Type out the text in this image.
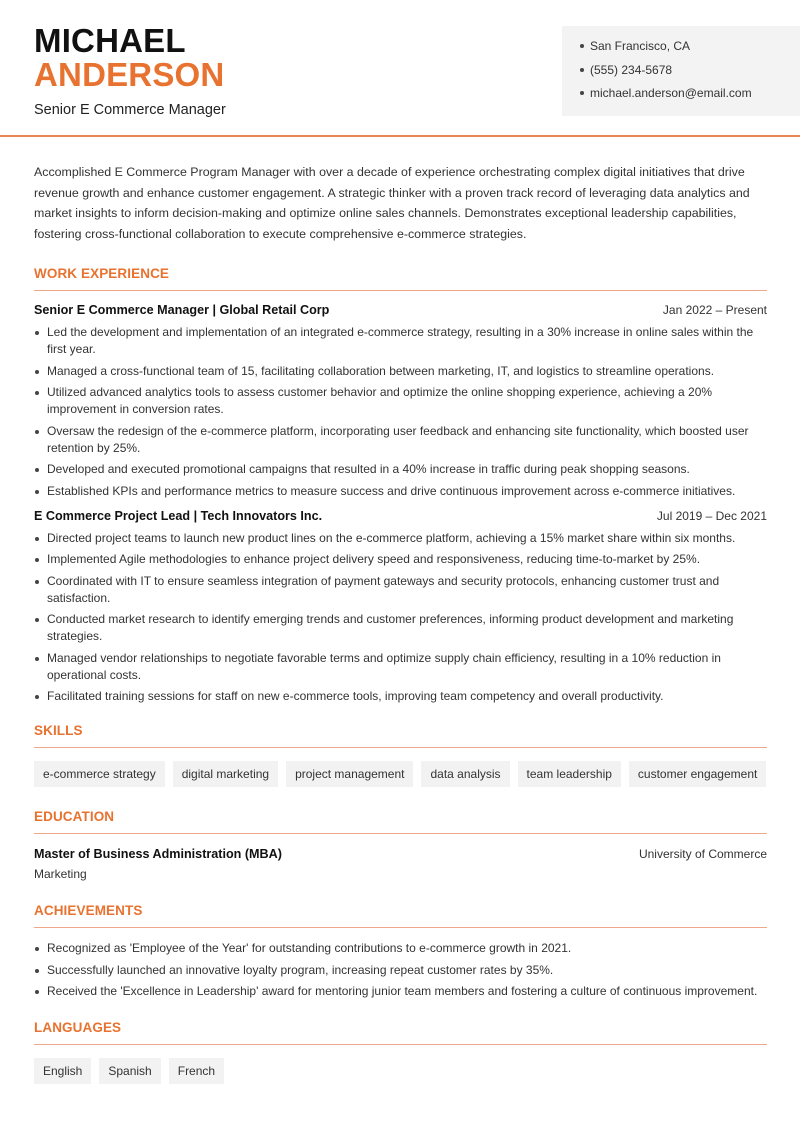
MICHAEL
ANDERSON
Senior E Commerce Manager
San Francisco, CA
(555) 234-5678
michael.anderson@email.com

Accomplished E Commerce Program Manager with over a decade of experience orchestrating complex digital initiatives that drive revenue growth and enhance customer engagement. A strategic thinker with a proven track record of leveraging data analytics and market insights to inform decision-making and optimize online sales channels. Demonstrates exceptional leadership capabilities, fostering cross-functional collaboration to execute comprehensive e-commerce strategies.

WORK EXPERIENCE
Senior E Commerce Manager | Global Retail Corp	Jan 2022 – Present
Led the development and implementation of an integrated e-commerce strategy, resulting in a 30% increase in online sales within the first year.
Managed a cross-functional team of 15, facilitating collaboration between marketing, IT, and logistics to streamline operations.
Utilized advanced analytics tools to assess customer behavior and optimize the online shopping experience, achieving a 20% improvement in conversion rates.
Oversaw the redesign of the e-commerce platform, incorporating user feedback and enhancing site functionality, which boosted user retention by 25%.
Developed and executed promotional campaigns that resulted in a 40% increase in traffic during peak shopping seasons.
Established KPIs and performance metrics to measure success and drive continuous improvement across e-commerce initiatives.
E Commerce Project Lead | Tech Innovators Inc.	Jul 2019 – Dec 2021
Directed project teams to launch new product lines on the e-commerce platform, achieving a 15% market share within six months.
Implemented Agile methodologies to enhance project delivery speed and responsiveness, reducing time-to-market by 25%.
Coordinated with IT to ensure seamless integration of payment gateways and security protocols, enhancing customer trust and satisfaction.
Conducted market research to identify emerging trends and customer preferences, informing product development and marketing strategies.
Managed vendor relationships to negotiate favorable terms and optimize supply chain efficiency, resulting in a 10% reduction in operational costs.
Facilitated training sessions for staff on new e-commerce tools, improving team competency and overall productivity.
SKILLS
e-commerce strategy	digital marketing	project management	data analysis	team leadership	customer engagement
EDUCATION
Master of Business Administration (MBA)	University of Commerce
Marketing
ACHIEVEMENTS
Recognized as 'Employee of the Year' for outstanding contributions to e-commerce growth in 2021.
Successfully launched an innovative loyalty program, increasing repeat customer rates by 35%.
Received the 'Excellence in Leadership' award for mentoring junior team members and fostering a culture of continuous improvement.
LANGUAGES
English	Spanish	French
